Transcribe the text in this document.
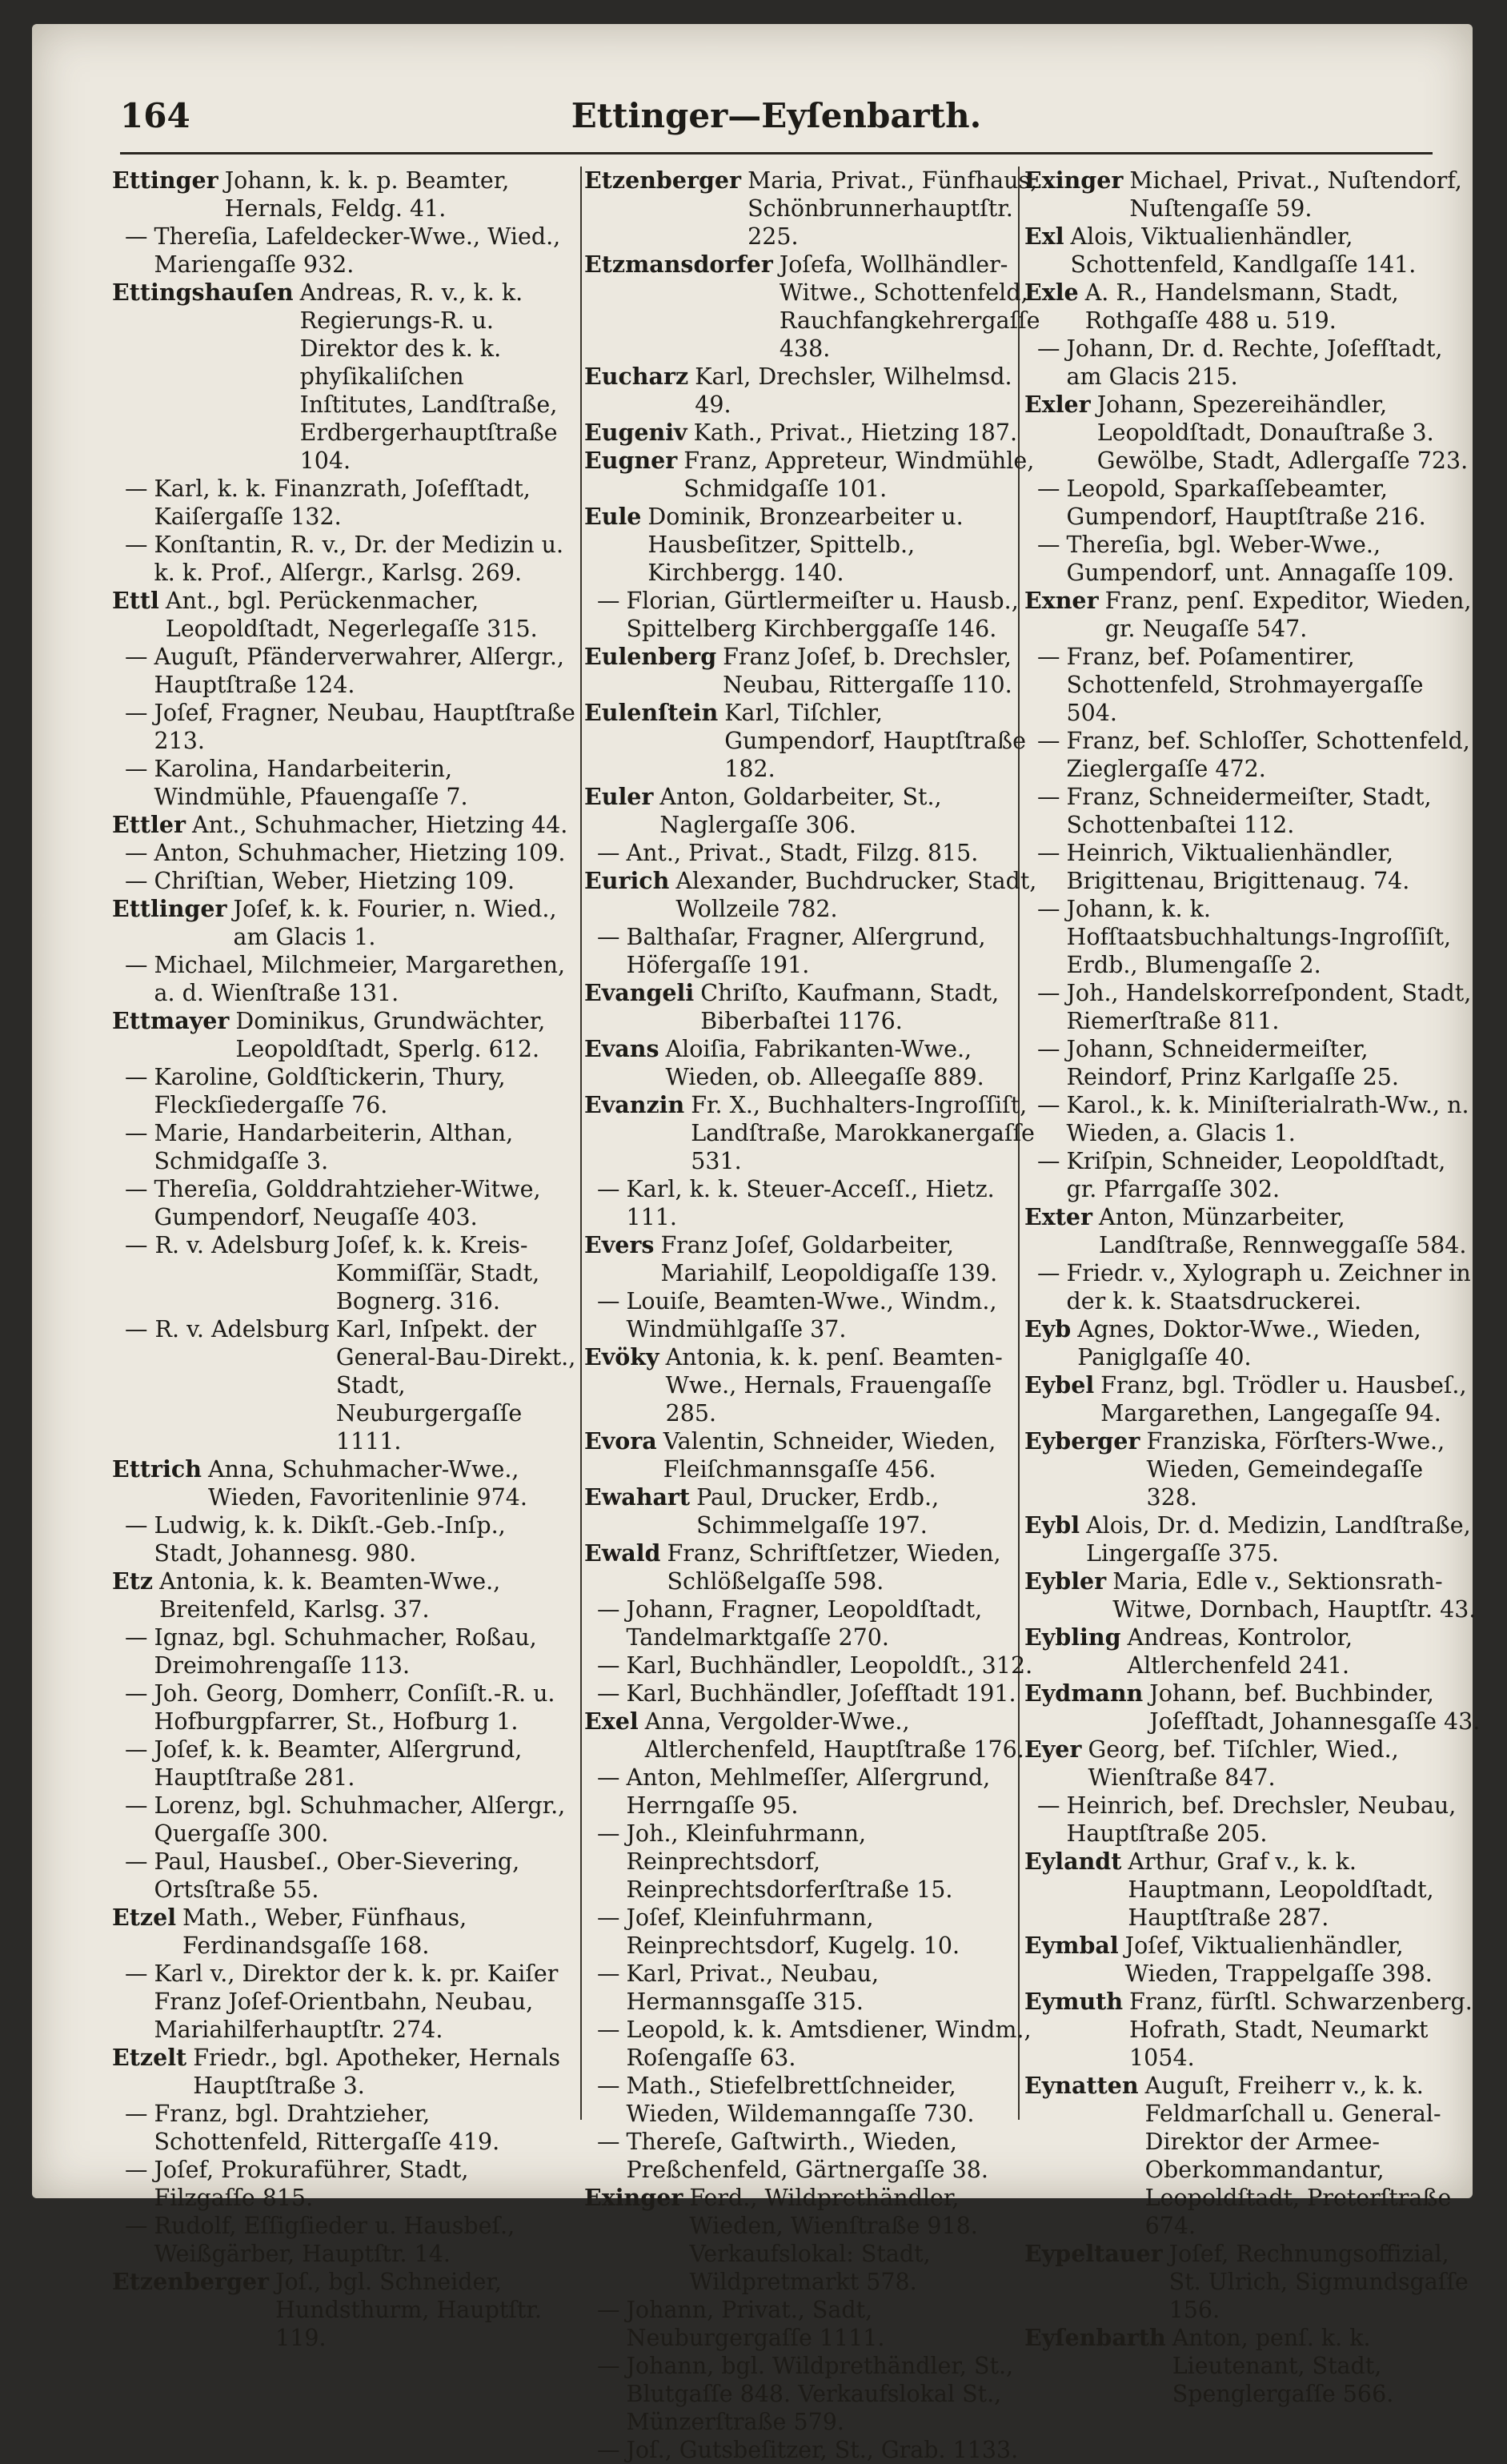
164	Ettinger—Eyſenbarth.
Ettinger Johann, k. k. p. Beamter, Hernals, Feldg. 41.
— Thereſia, Lafeldecker-Wwe., Wied., Mariengaſſe 932.
Ettingshauſen Andreas, R. v., k. k. Regierungs-R. u. Direktor des k. k. phyſikaliſchen Inſtitutes, Landſtraße, Erdbergerhauptſtraße 104.
— Karl, k. k. Finanzrath, Joſefſtadt, Kaiſergaſſe 132.
— Konſtantin, R. v., Dr. der Medizin u. k. k. Prof., Alſergr., Karlsg. 269.
Ettl Ant., bgl. Perückenmacher, Leopoldſtadt, Negerlegaſſe 315.
— Auguſt, Pfänderverwahrer, Alſergr., Hauptſtraße 124.
— Joſef, Fragner, Neubau, Hauptſtraße 213.
— Karolina, Handarbeiterin, Windmühle, Pfauengaſſe 7.
Ettler Ant., Schuhmacher, Hietzing 44.
— Anton, Schuhmacher, Hietzing 109.
— Chriſtian, Weber, Hietzing 109.
Ettlinger Joſef, k. k. Fourier, n. Wied., am Glacis 1.
— Michael, Milchmeier, Margarethen, a. d. Wienſtraße 131.
Ettmayer Dominikus, Grundwächter, Leopoldſtadt, Sperlg. 612.
— Karoline, Goldſtickerin, Thury, Fleckſiedergaſſe 76.
— Marie, Handarbeiterin, Althan, Schmidgaſſe 3.
— Thereſia, Golddrahtzieher-Witwe, Gumpendorf, Neugaſſe 403.
— R. v. Adelsburg Joſef, k. k. Kreis-Kommiſſär, Stadt, Bognerg. 316.
— R. v. Adelsburg Karl, Inſpekt. der General-Bau-Direkt., Stadt, Neuburgergaſſe 1111.
Ettrich Anna, Schuhmacher-Wwe., Wieden, Favoritenlinie 974.
— Ludwig, k. k. Dikſt.-Geb.-Inſp., Stadt, Johannesg. 980.
Etz Antonia, k. k. Beamten-Wwe., Breitenfeld, Karlsg. 37.
— Ignaz, bgl. Schuhmacher, Roßau, Dreimohrengaſſe 113.
— Joh. Georg, Domherr, Conſiſt.-R. u. Hofburgpfarrer, St., Hofburg 1.
— Joſef, k. k. Beamter, Alſergrund, Hauptſtraße 281.
— Lorenz, bgl. Schuhmacher, Alſergr., Quergaſſe 300.
— Paul, Hausbeſ., Ober-Sievering, Ortsſtraße 55.
Etzel Math., Weber, Fünfhaus, Ferdinandsgaſſe 168.
— Karl v., Direktor der k. k. pr. Kaiſer Franz Joſef-Orientbahn, Neubau, Mariahilferhauptſtr. 274.
Etzelt Friedr., bgl. Apotheker, Hernals Hauptſtraße 3.
— Franz, bgl. Drahtzieher, Schottenfeld, Rittergaſſe 419.
— Joſef, Prokuraführer, Stadt, Filzgaſſe 815.
— Rudolf, Eſſigſieder u. Hausbeſ., Weißgärber, Hauptſtr. 14.
Etzenberger Joſ., bgl. Schneider, Hundsthurm, Hauptſtr. 119.
Etzenberger Maria, Privat., Fünfhaus, Schönbrunnerhauptſtr. 225.
Etzmansdorfer Joſefa, Wollhändler-Witwe., Schottenfeld, Rauchfangkehrergaſſe 438.
Eucharz Karl, Drechsler, Wilhelmsd. 49.
Eugeniv Kath., Privat., Hietzing 187.
Eugner Franz, Appreteur, Windmühle, Schmidgaſſe 101.
Eule Dominik, Bronzearbeiter u. Hausbeſitzer, Spittelb., Kirchbergg. 140.
— Florian, Gürtlermeiſter u. Hausb., Spittelberg Kirchberggaſſe 146.
Eulenberg Franz Joſef, b. Drechsler, Neubau, Rittergaſſe 110.
Eulenſtein Karl, Tiſchler, Gumpendorf, Hauptſtraße 182.
Euler Anton, Goldarbeiter, St., Naglergaſſe 306.
— Ant., Privat., Stadt, Filzg. 815.
Eurich Alexander, Buchdrucker, Stadt, Wollzeile 782.
— Balthaſar, Fragner, Alſergrund, Höfergaſſe 191.
Evangeli Chriſto, Kaufmann, Stadt, Biberbaſtei 1176.
Evans Aloiſia, Fabrikanten-Wwe., Wieden, ob. Alleegaſſe 889.
Evanzin Fr. X., Buchhalters-Ingroſſiſt, Landſtraße, Marokkanergaſſe 531.
— Karl, k. k. Steuer-Acceſſ., Hietz. 111.
Evers Franz Joſef, Goldarbeiter, Mariahilf, Leopoldigaſſe 139.
— Louiſe, Beamten-Wwe., Windm., Windmühlgaſſe 37.
Evöky Antonia, k. k. penſ. Beamten-Wwe., Hernals, Frauengaſſe 285.
Evora Valentin, Schneider, Wieden, Fleiſchmannsgaſſe 456.
Ewahart Paul, Drucker, Erdb., Schimmelgaſſe 197.
Ewald Franz, Schriftſetzer, Wieden, Schlößelgaſſe 598.
— Johann, Fragner, Leopoldſtadt, Tandelmarktgaſſe 270.
— Karl, Buchhändler, Leopoldſt., 312.
— Karl, Buchhändler, Joſefſtadt 191.
Exel Anna, Vergolder-Wwe., Altlerchenfeld, Hauptſtraße 176.
— Anton, Mehlmeſſer, Alſergrund, Herrngaſſe 95.
— Joh., Kleinfuhrmann, Reinprechtsdorf, Reinprechtsdorferſtraße 15.
— Joſef, Kleinfuhrmann, Reinprechtsdorf, Kugelg. 10.
— Karl, Privat., Neubau, Hermannsgaſſe 315.
— Leopold, k. k. Amtsdiener, Windm., Roſengaſſe 63.
— Math., Stiefelbrettſchneider, Wieden, Wildemanngaſſe 730.
— Thereſe, Gaſtwirth., Wieden, Preßchenfeld, Gärtnergaſſe 38.
Exinger Ferd., Wildprethändler, Wieden, Wienſtraße 918. Verkaufslokal: Stadt, Wildpretmarkt 578.
— Johann, Privat., Sadt, Neuburgergaſſe 1111.
— Johann, bgl. Wildprethändler, St., Blutgaſſe 848. Verkaufslokal St., Münzerſtraße 579.
— Joſ., Gutsbeſitzer, St., Grab. 1133.
Exinger Michael, Privat., Nuſtendorf, Nuſtengaſſe 59.
Exl Alois, Viktualienhändler, Schottenfeld, Kandlgaſſe 141.
Exle A. R., Handelsmann, Stadt, Rothgaſſe 488 u. 519.
— Johann, Dr. d. Rechte, Joſefſtadt, am Glacis 215.
Exler Johann, Spezereihändler, Leopoldſtadt, Donauſtraße 3. Gewölbe, Stadt, Adlergaſſe 723.
— Leopold, Sparkaſſebeamter, Gumpendorf, Hauptſtraße 216.
— Thereſia, bgl. Weber-Wwe., Gumpendorf, unt. Annagaſſe 109.
Exner Franz, penſ. Expeditor, Wieden, gr. Neugaſſe 547.
— Franz, bef. Poſamentirer, Schottenfeld, Strohmayergaſſe 504.
— Franz, bef. Schloſſer, Schottenfeld, Zieglergaſſe 472.
— Franz, Schneidermeiſter, Stadt, Schottenbaſtei 112.
— Heinrich, Viktualienhändler, Brigittenau, Brigittenaug. 74.
— Johann, k. k. Hofſtaatsbuchhaltungs-Ingroſſiſt, Erdb., Blumengaſſe 2.
— Joh., Handelskorreſpondent, Stadt, Riemerſtraße 811.
— Johann, Schneidermeiſter, Reindorf, Prinz Karlgaſſe 25.
— Karol., k. k. Miniſterialrath-Ww., n. Wieden, a. Glacis 1.
— Kriſpin, Schneider, Leopoldſtadt, gr. Pfarrgaſſe 302.
Exter Anton, Münzarbeiter, Landſtraße, Rennweggaſſe 584.
— Friedr. v., Xylograph u. Zeichner in der k. k. Staatsdruckerei.
Eyb Agnes, Doktor-Wwe., Wieden, Paniglgaſſe 40.
Eybel Franz, bgl. Trödler u. Hausbeſ., Margarethen, Langegaſſe 94.
Eyberger Franziska, Förſters-Wwe., Wieden, Gemeindegaſſe 328.
Eybl Alois, Dr. d. Medizin, Landſtraße, Lingergaſſe 375.
Eybler Maria, Edle v., Sektionsrath-Witwe, Dornbach, Hauptſtr. 43.
Eybling Andreas, Kontrolor, Altlerchenfeld 241.
Eydmann Johann, bef. Buchbinder, Joſefſtadt, Johannesgaſſe 43.
Eyer Georg, bef. Tiſchler, Wied., Wienſtraße 847.
— Heinrich, bef. Drechsler, Neubau, Hauptſtraße 205.
Eylandt Arthur, Graf v., k. k. Hauptmann, Leopoldſtadt, Hauptſtraße 287.
Eymbal Joſef, Viktualienhändler, Wieden, Trappelgaſſe 398.
Eymuth Franz, fürſtl. Schwarzenberg. Hofrath, Stadt, Neumarkt 1054.
Eynatten Auguſt, Freiherr v., k. k. Feldmarſchall u. General-Direktor der Armee-Oberkommandantur, Leopoldſtadt, Preterſtraße 674.
Eypeltauer Joſef, Rechnungsoffizial, St. Ulrich, Sigmundsgaſſe 156.
Eyſenbarth Anton, penſ. k. k. Lieutenant, Stadt, Spenglergaſſe 566.
